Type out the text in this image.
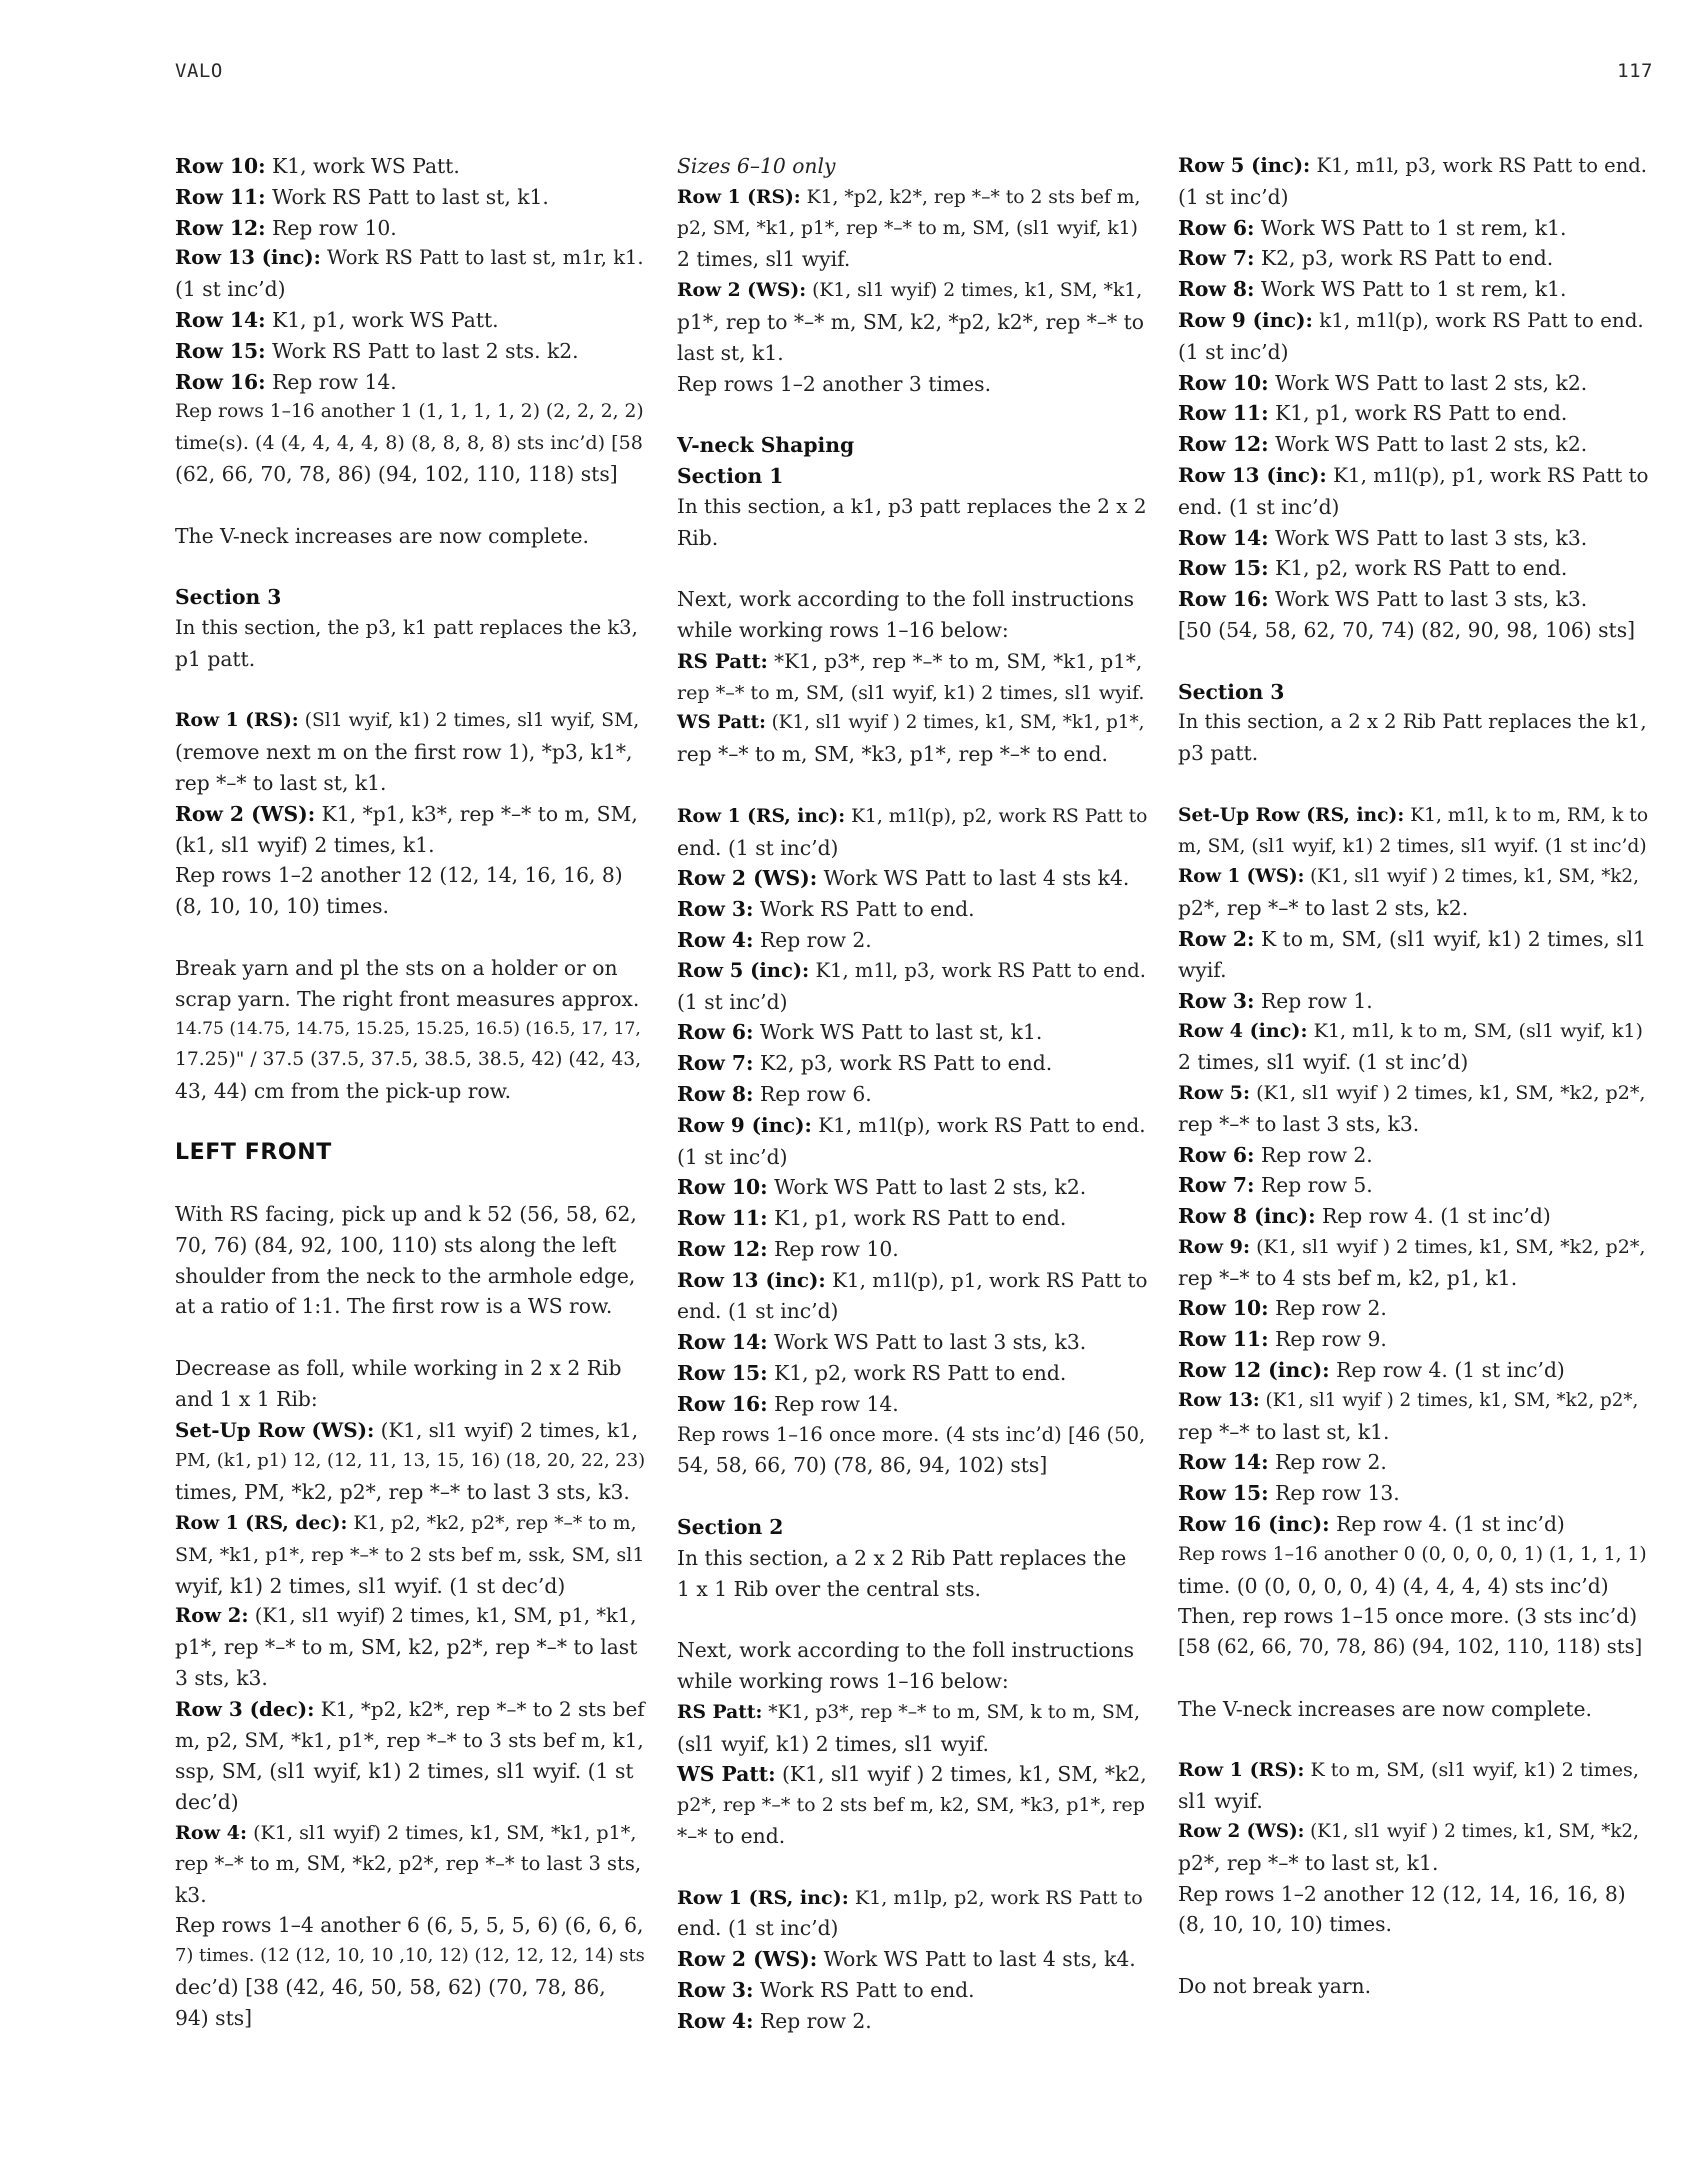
VALO	117
Row 10: K1, work WS Patt.
Row 11: Work RS Patt to last st, k1.
Row 12: Rep row 10.
Row 13 (inc): Work RS Patt to last st, m1r, k1.
(1 st inc’d)
Row 14: K1, p1, work WS Patt.
Row 15: Work RS Patt to last 2 sts. k2.
Row 16: Rep row 14.
Rep rows 1–16 another 1 (1, 1, 1, 1, 2) (2, 2, 2, 2)
time(s). (4 (4, 4, 4, 4, 8) (8, 8, 8, 8) sts inc’d) [58
(62, 66, 70, 78, 86) (94, 102, 110, 118) sts]
The V-neck increases are now complete.
Section 3
In this section, the p3, k1 patt replaces the k3,
p1 patt.
Row 1 (RS): (Sl1 wyif, k1) 2 times, sl1 wyif, SM,
(remove next m on the first row 1), *p3, k1*,
rep *–* to last st, k1.
Row 2 (WS): K1, *p1, k3*, rep *–* to m, SM,
(k1, sl1 wyif) 2 times, k1.
Rep rows 1–2 another 12 (12, 14, 16, 16, 8)
(8, 10, 10, 10) times.
Break yarn and pl the sts on a holder or on
scrap yarn. The right front measures approx.
14.75 (14.75, 14.75, 15.25, 15.25, 16.5) (16.5, 17, 17,
17.25)" / 37.5 (37.5, 37.5, 38.5, 38.5, 42) (42, 43,
43, 44) cm from the pick-up row.
LEFT FRONT
With RS facing, pick up and k 52 (56, 58, 62,
70, 76) (84, 92, 100, 110) sts along the left
shoulder from the neck to the armhole edge,
at a ratio of 1:1. The first row is a WS row.
Decrease as foll, while working in 2 x 2 Rib
and 1 x 1 Rib:
Set-Up Row (WS): (K1, sl1 wyif) 2 times, k1,
PM, (k1, p1) 12, (12, 11, 13, 15, 16) (18, 20, 22, 23)
times, PM, *k2, p2*, rep *–* to last 3 sts, k3.
Row 1 (RS, dec): K1, p2, *k2, p2*, rep *–* to m,
SM, *k1, p1*, rep *–* to 2 sts bef m, ssk, SM, sl1
wyif, k1) 2 times, sl1 wyif. (1 st dec’d)
Row 2: (K1, sl1 wyif) 2 times, k1, SM, p1, *k1,
p1*, rep *–* to m, SM, k2, p2*, rep *–* to last
3 sts, k3.
Row 3 (dec): K1, *p2, k2*, rep *–* to 2 sts bef
m, p2, SM, *k1, p1*, rep *–* to 3 sts bef m, k1,
ssp, SM, (sl1 wyif, k1) 2 times, sl1 wyif. (1 st
dec’d)
Row 4: (K1, sl1 wyif) 2 times, k1, SM, *k1, p1*,
rep *–* to m, SM, *k2, p2*, rep *–* to last 3 sts,
k3.
Rep rows 1–4 another 6 (6, 5, 5, 5, 6) (6, 6, 6,
7) times. (12 (12, 10, 10 ,10, 12) (12, 12, 12, 14) sts
dec’d) [38 (42, 46, 50, 58, 62) (70, 78, 86,
94) sts]
Sizes 6–10 only
Row 1 (RS): K1, *p2, k2*, rep *–* to 2 sts bef m,
p2, SM, *k1, p1*, rep *–* to m, SM, (sl1 wyif, k1)
2 times, sl1 wyif.
Row 2 (WS): (K1, sl1 wyif) 2 times, k1, SM, *k1,
p1*, rep to *–* m, SM, k2, *p2, k2*, rep *–* to
last st, k1.
Rep rows 1–2 another 3 times.
V-neck Shaping
Section 1
In this section, a k1, p3 patt replaces the 2 x 2
Rib.
Next, work according to the foll instructions
while working rows 1–16 below:
RS Patt: *K1, p3*, rep *–* to m, SM, *k1, p1*,
rep *–* to m, SM, (sl1 wyif, k1) 2 times, sl1 wyif.
WS Patt: (K1, sl1 wyif ) 2 times, k1, SM, *k1, p1*,
rep *–* to m, SM, *k3, p1*, rep *–* to end.
Row 1 (RS, inc): K1, m1l(p), p2, work RS Patt to
end. (1 st inc’d)
Row 2 (WS): Work WS Patt to last 4 sts k4.
Row 3: Work RS Patt to end.
Row 4: Rep row 2.
Row 5 (inc): K1, m1l, p3, work RS Patt to end.
(1 st inc’d)
Row 6: Work WS Patt to last st, k1.
Row 7: K2, p3, work RS Patt to end.
Row 8: Rep row 6.
Row 9 (inc): K1, m1l(p), work RS Patt to end.
(1 st inc’d)
Row 10: Work WS Patt to last 2 sts, k2.
Row 11: K1, p1, work RS Patt to end.
Row 12: Rep row 10.
Row 13 (inc): K1, m1l(p), p1, work RS Patt to
end. (1 st inc’d)
Row 14: Work WS Patt to last 3 sts, k3.
Row 15: K1, p2, work RS Patt to end.
Row 16: Rep row 14.
Rep rows 1–16 once more. (4 sts inc’d) [46 (50,
54, 58, 66, 70) (78, 86, 94, 102) sts]
Section 2
In this section, a 2 x 2 Rib Patt replaces the
1 x 1 Rib over the central sts.
Next, work according to the foll instructions
while working rows 1–16 below:
RS Patt: *K1, p3*, rep *–* to m, SM, k to m, SM,
(sl1 wyif, k1) 2 times, sl1 wyif.
WS Patt: (K1, sl1 wyif ) 2 times, k1, SM, *k2,
p2*, rep *–* to 2 sts bef m, k2, SM, *k3, p1*, rep
*–* to end.
Row 1 (RS, inc): K1, m1lp, p2, work RS Patt to
end. (1 st inc’d)
Row 2 (WS): Work WS Patt to last 4 sts, k4.
Row 3: Work RS Patt to end.
Row 4: Rep row 2.
Row 5 (inc): K1, m1l, p3, work RS Patt to end.
(1 st inc’d)
Row 6: Work WS Patt to 1 st rem, k1.
Row 7: K2, p3, work RS Patt to end.
Row 8: Work WS Patt to 1 st rem, k1.
Row 9 (inc): k1, m1l(p), work RS Patt to end.
(1 st inc’d)
Row 10: Work WS Patt to last 2 sts, k2.
Row 11: K1, p1, work RS Patt to end.
Row 12: Work WS Patt to last 2 sts, k2.
Row 13 (inc): K1, m1l(p), p1, work RS Patt to
end. (1 st inc’d)
Row 14: Work WS Patt to last 3 sts, k3.
Row 15: K1, p2, work RS Patt to end.
Row 16: Work WS Patt to last 3 sts, k3.
[50 (54, 58, 62, 70, 74) (82, 90, 98, 106) sts]
Section 3
In this section, a 2 x 2 Rib Patt replaces the k1,
p3 patt.
Set-Up Row (RS, inc): K1, m1l, k to m, RM, k to
m, SM, (sl1 wyif, k1) 2 times, sl1 wyif. (1 st inc’d)
Row 1 (WS): (K1, sl1 wyif ) 2 times, k1, SM, *k2,
p2*, rep *–* to last 2 sts, k2.
Row 2: K to m, SM, (sl1 wyif, k1) 2 times, sl1
wyif.
Row 3: Rep row 1.
Row 4 (inc): K1, m1l, k to m, SM, (sl1 wyif, k1)
2 times, sl1 wyif. (1 st inc’d)
Row 5: (K1, sl1 wyif ) 2 times, k1, SM, *k2, p2*,
rep *–* to last 3 sts, k3.
Row 6: Rep row 2.
Row 7: Rep row 5.
Row 8 (inc): Rep row 4. (1 st inc’d)
Row 9: (K1, sl1 wyif ) 2 times, k1, SM, *k2, p2*,
rep *–* to 4 sts bef m, k2, p1, k1.
Row 10: Rep row 2.
Row 11: Rep row 9.
Row 12 (inc): Rep row 4. (1 st inc’d)
Row 13: (K1, sl1 wyif ) 2 times, k1, SM, *k2, p2*,
rep *–* to last st, k1.
Row 14: Rep row 2.
Row 15: Rep row 13.
Row 16 (inc): Rep row 4. (1 st inc’d)
Rep rows 1–16 another 0 (0, 0, 0, 0, 1) (1, 1, 1, 1)
time. (0 (0, 0, 0, 0, 4) (4, 4, 4, 4) sts inc’d)
Then, rep rows 1–15 once more. (3 sts inc’d)
[58 (62, 66, 70, 78, 86) (94, 102, 110, 118) sts]
The V-neck increases are now complete.
Row 1 (RS): K to m, SM, (sl1 wyif, k1) 2 times,
sl1 wyif.
Row 2 (WS): (K1, sl1 wyif ) 2 times, k1, SM, *k2,
p2*, rep *–* to last st, k1.
Rep rows 1–2 another 12 (12, 14, 16, 16, 8)
(8, 10, 10, 10) times.
Do not break yarn.
